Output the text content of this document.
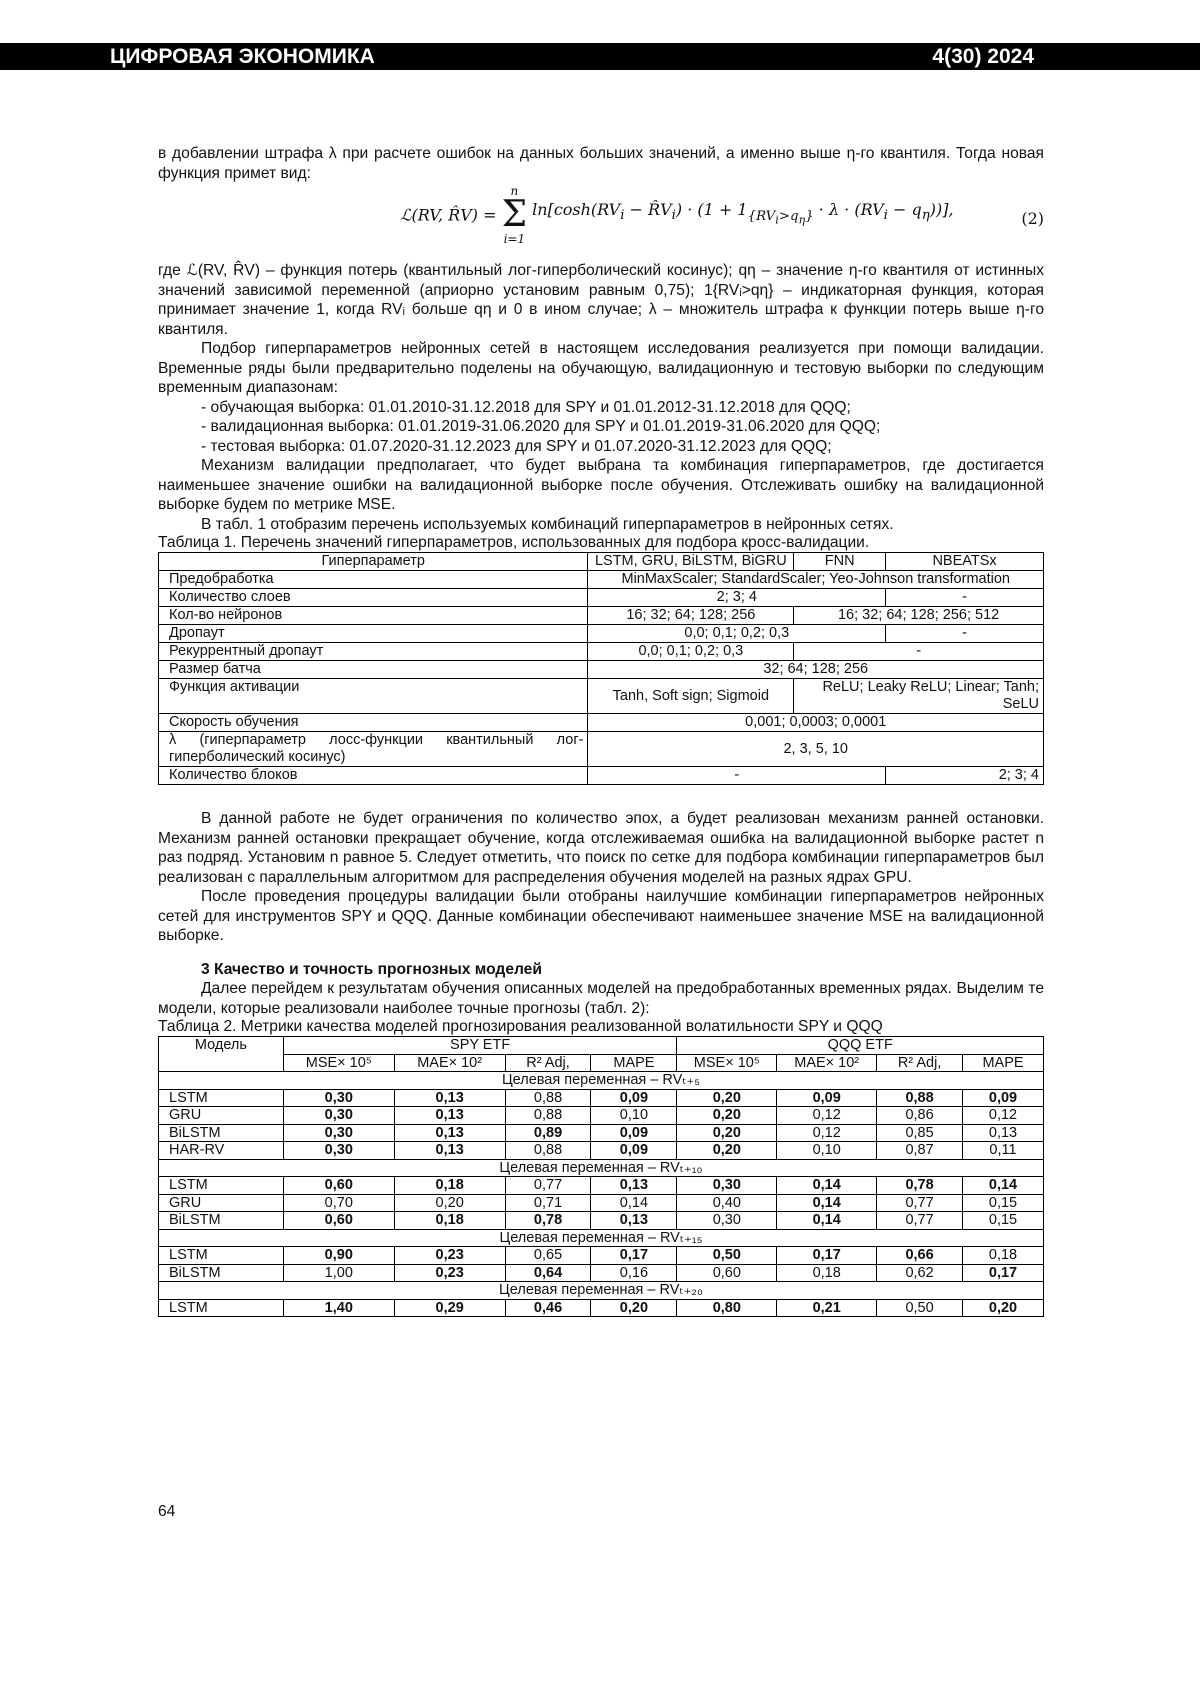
ЦИФРОВАЯ ЭКОНОМИКА	4(30) 2024

в добавлении штрафа λ при расчете ошибок на данных больших значений, а именно выше η-го квантиля. Тогда новая функция примет вид:

ℒ(RV, R̂V) =
n
Σ
i=1
$\ln[\cosh(RV_i$ − $R̂V_i) \cdot (1 + 1_{\{RV_i>q_\eta\}} \cdot \lambda \cdot (RV_i - q_\eta))$],	(2)

где ℒ(RV, R̂V) – функция потерь (квантильный лог-гиперболический косинус); qη – значение η-го квантиля от истинных значений зависимой переменной (априорно установим равным 0,75); 1{RVᵢ>qη} – индикаторная функция, которая принимает значение 1, когда RVᵢ больше qη и 0 в ином случае; λ – множитель штрафа к функции потерь выше η-го квантиля.

Подбор гиперпараметров нейронных сетей в настоящем исследования реализуется при помощи валидации. Временные ряды были предварительно поделены на обучающую, валидационную и тестовую выборки по следующим временным диапазонам:

- обучающая выборка: 01.01.2010-31.12.2018 для SPY и 01.01.2012-31.12.2018 для QQQ;

- валидационная выборка: 01.01.2019-31.06.2020 для SPY и 01.01.2019-31.06.2020 для QQQ;

- тестовая выборка: 01.07.2020-31.12.2023 для SPY и 01.07.2020-31.12.2023 для QQQ;

Механизм валидации предполагает, что будет выбрана та комбинация гиперпараметров, где достигается наименьшее значение ошибки на валидационной выборке после обучения. Отслеживать ошибку на валидационной выборке будем по метрике MSE.

В табл. 1 отобразим перечень используемых комбинаций гиперпараметров в нейронных сетях.

Таблица 1. Перечень значений гиперпараметров, использованных для подбора кросс-валидации.

Гиперпараметр	LSTM, GRU, BiLSTM, BiGRU	FNN	NBEATSx
Предобработка	MinMaxScaler; StandardScaler; Yeo-Johnson transformation		
Количество слоев	2; 3; 4		-
Кол-во нейронов	16; 32; 64; 128; 256	16; 32; 64; 128; 256; 512	
Дропаут	0,0; 0,1; 0,2; 0,3		-
Рекуррентный дропаут	0,0; 0,1; 0,2; 0,3	-	
Размер батча	32; 64; 128; 256		
Функция активации	Tanh, Soft sign; Sigmoid	ReLU; Leaky ReLU; Linear; Tanh; SeLU	
Скорость обучения	0,001; 0,0003; 0,0001		
λ (гиперпараметр лосс-функции квантильный лог-гиперболический косинус)	2, 3, 5, 10		
Количество блоков	-		2; 3; 4

В данной работе не будет ограничения по количество эпох, а будет реализован механизм ранней остановки. Механизм ранней остановки прекращает обучение, когда отслеживаемая ошибка на валидационной выборке растет n раз подряд. Установим n равное 5. Следует отметить, что поиск по сетке для подбора комбинации гиперпараметров был реализован с параллельным алгоритмом для распределения обучения моделей на разных ядрах GPU.

После проведения процедуры валидации были отобраны наилучшие комбинации гиперпараметров нейронных сетей для инструментов SPY и QQQ. Данные комбинации обеспечивают наименьшее значение MSE на валидационной выборке.

3 Качество и точность прогнозных моделей

Далее перейдем к результатам обучения описанных моделей на предобработанных временных рядах. Выделим те модели, которые реализовали наиболее точные прогнозы (табл. 2):

Таблица 2. Метрики качества моделей прогнозирования реализованной волатильности SPY и QQQ

Модель	SPY ETF				QQQ ETF			
	MSE× 10⁵	MAE× 10²	R² Adj,	MAPE	MSE× 10⁵	MAE× 10²	R² Adj,	MAPE
Целевая переменная – RVₜ₊₅								
LSTM	0,30	0,13	0,88	0,09	0,20	0,09	0,88	0,09
GRU	0,30	0,13	0,88	0,10	0,20	0,12	0,86	0,12
BiLSTM	0,30	0,13	0,89	0,09	0,20	0,12	0,85	0,13
HAR-RV	0,30	0,13	0,88	0,09	0,20	0,10	0,87	0,11
Целевая переменная – RVₜ₊₁₀								
LSTM	0,60	0,18	0,77	0,13	0,30	0,14	0,78	0,14
GRU	0,70	0,20	0,71	0,14	0,40	0,14	0,77	0,15
BiLSTM	0,60	0,18	0,78	0,13	0,30	0,14	0,77	0,15
Целевая переменная – RVₜ₊₁₅								
LSTM	0,90	0,23	0,65	0,17	0,50	0,17	0,66	0,18
BiLSTM	1,00	0,23	0,64	0,16	0,60	0,18	0,62	0,17
Целевая переменная – RVₜ₊₂₀								
LSTM	1,40	0,29	0,46	0,20	0,80	0,21	0,50	0,20
64
